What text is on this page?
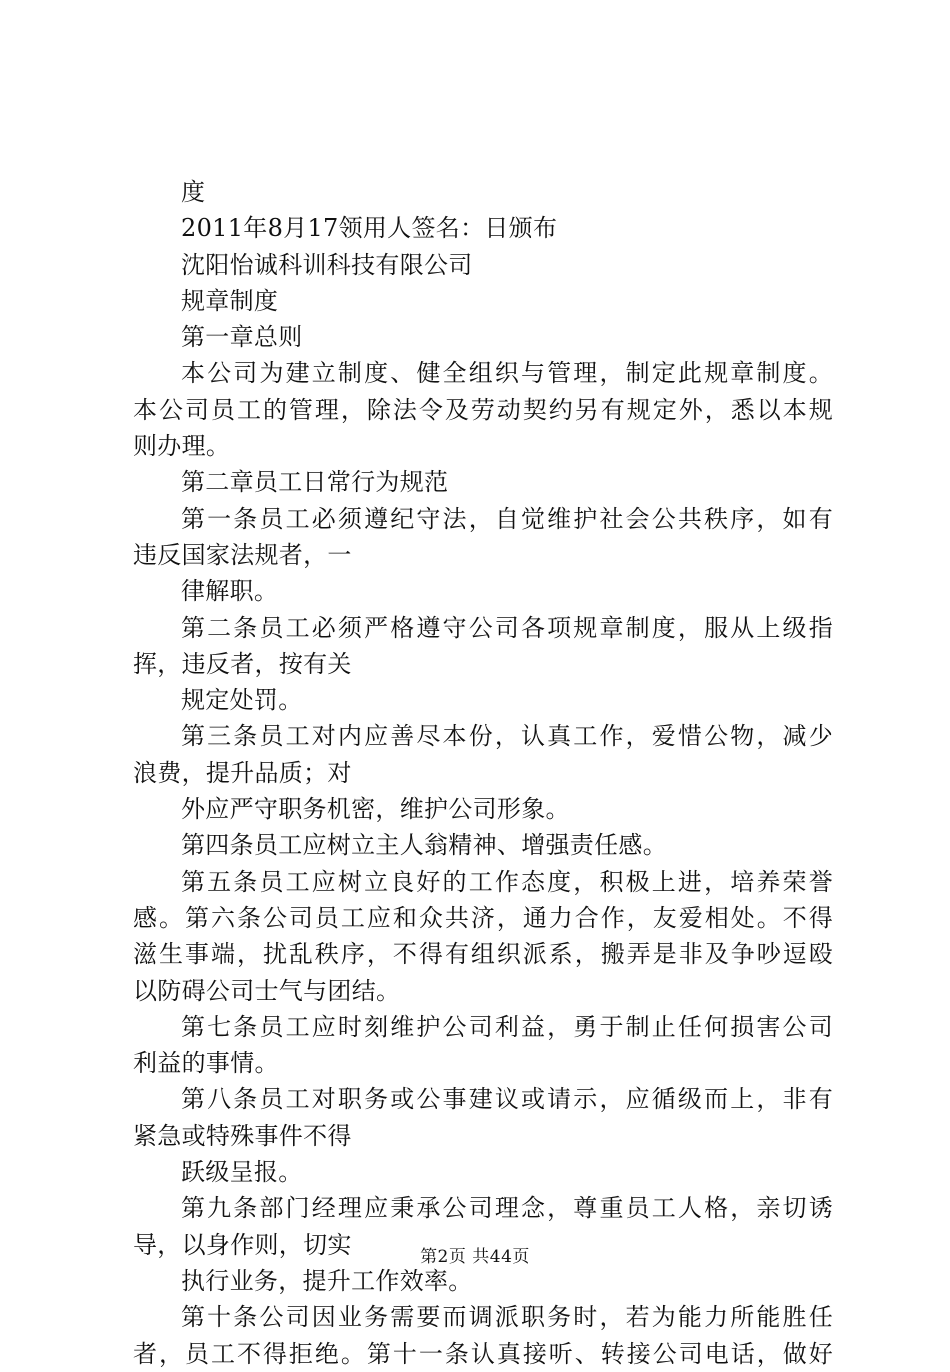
度
2011年8月17领用人签名：日颁布
沈阳怡诚科训科技有限公司
规章制度
第一章总则
本公司为建立制度、健全组织与管理，制定此规章制度。
本公司员工的管理，除法令及劳动契约另有规定外，悉以本规
则办理。
第二章员工日常行为规范
第一条员工必须遵纪守法，自觉维护社会公共秩序，如有
违反国家法规者，一
律解职。
第二条员工必须严格遵守公司各项规章制度，服从上级指
挥，违反者，按有关
规定处罚。
第三条员工对内应善尽本份，认真工作，爱惜公物，减少
浪费，提升品质；对
外应严守职务机密，维护公司形象。
第四条员工应树立主人翁精神、增强责任感。
第五条员工应树立良好的工作态度，积极上进，培养荣誉
感。第六条公司员工应和众共济，通力合作，友爱相处。不得
滋生事端，扰乱秩序，不得有组织派系，搬弄是非及争吵逗殴
以防碍公司士气与团结。
第七条员工应时刻维护公司利益，勇于制止任何损害公司
利益的事情。
第八条员工对职务或公事建议或请示，应循级而上，非有
紧急或特殊事件不得
跃级呈报。
第九条部门经理应秉承公司理念，尊重员工人格，亲切诱
导，以身作则，切实
执行业务，提升工作效率。
第十条公司因业务需要而调派职务时，若为能力所能胜任
者，员工不得拒绝。第十一条认真接听、转接公司电话，做好
第2页 共44页
